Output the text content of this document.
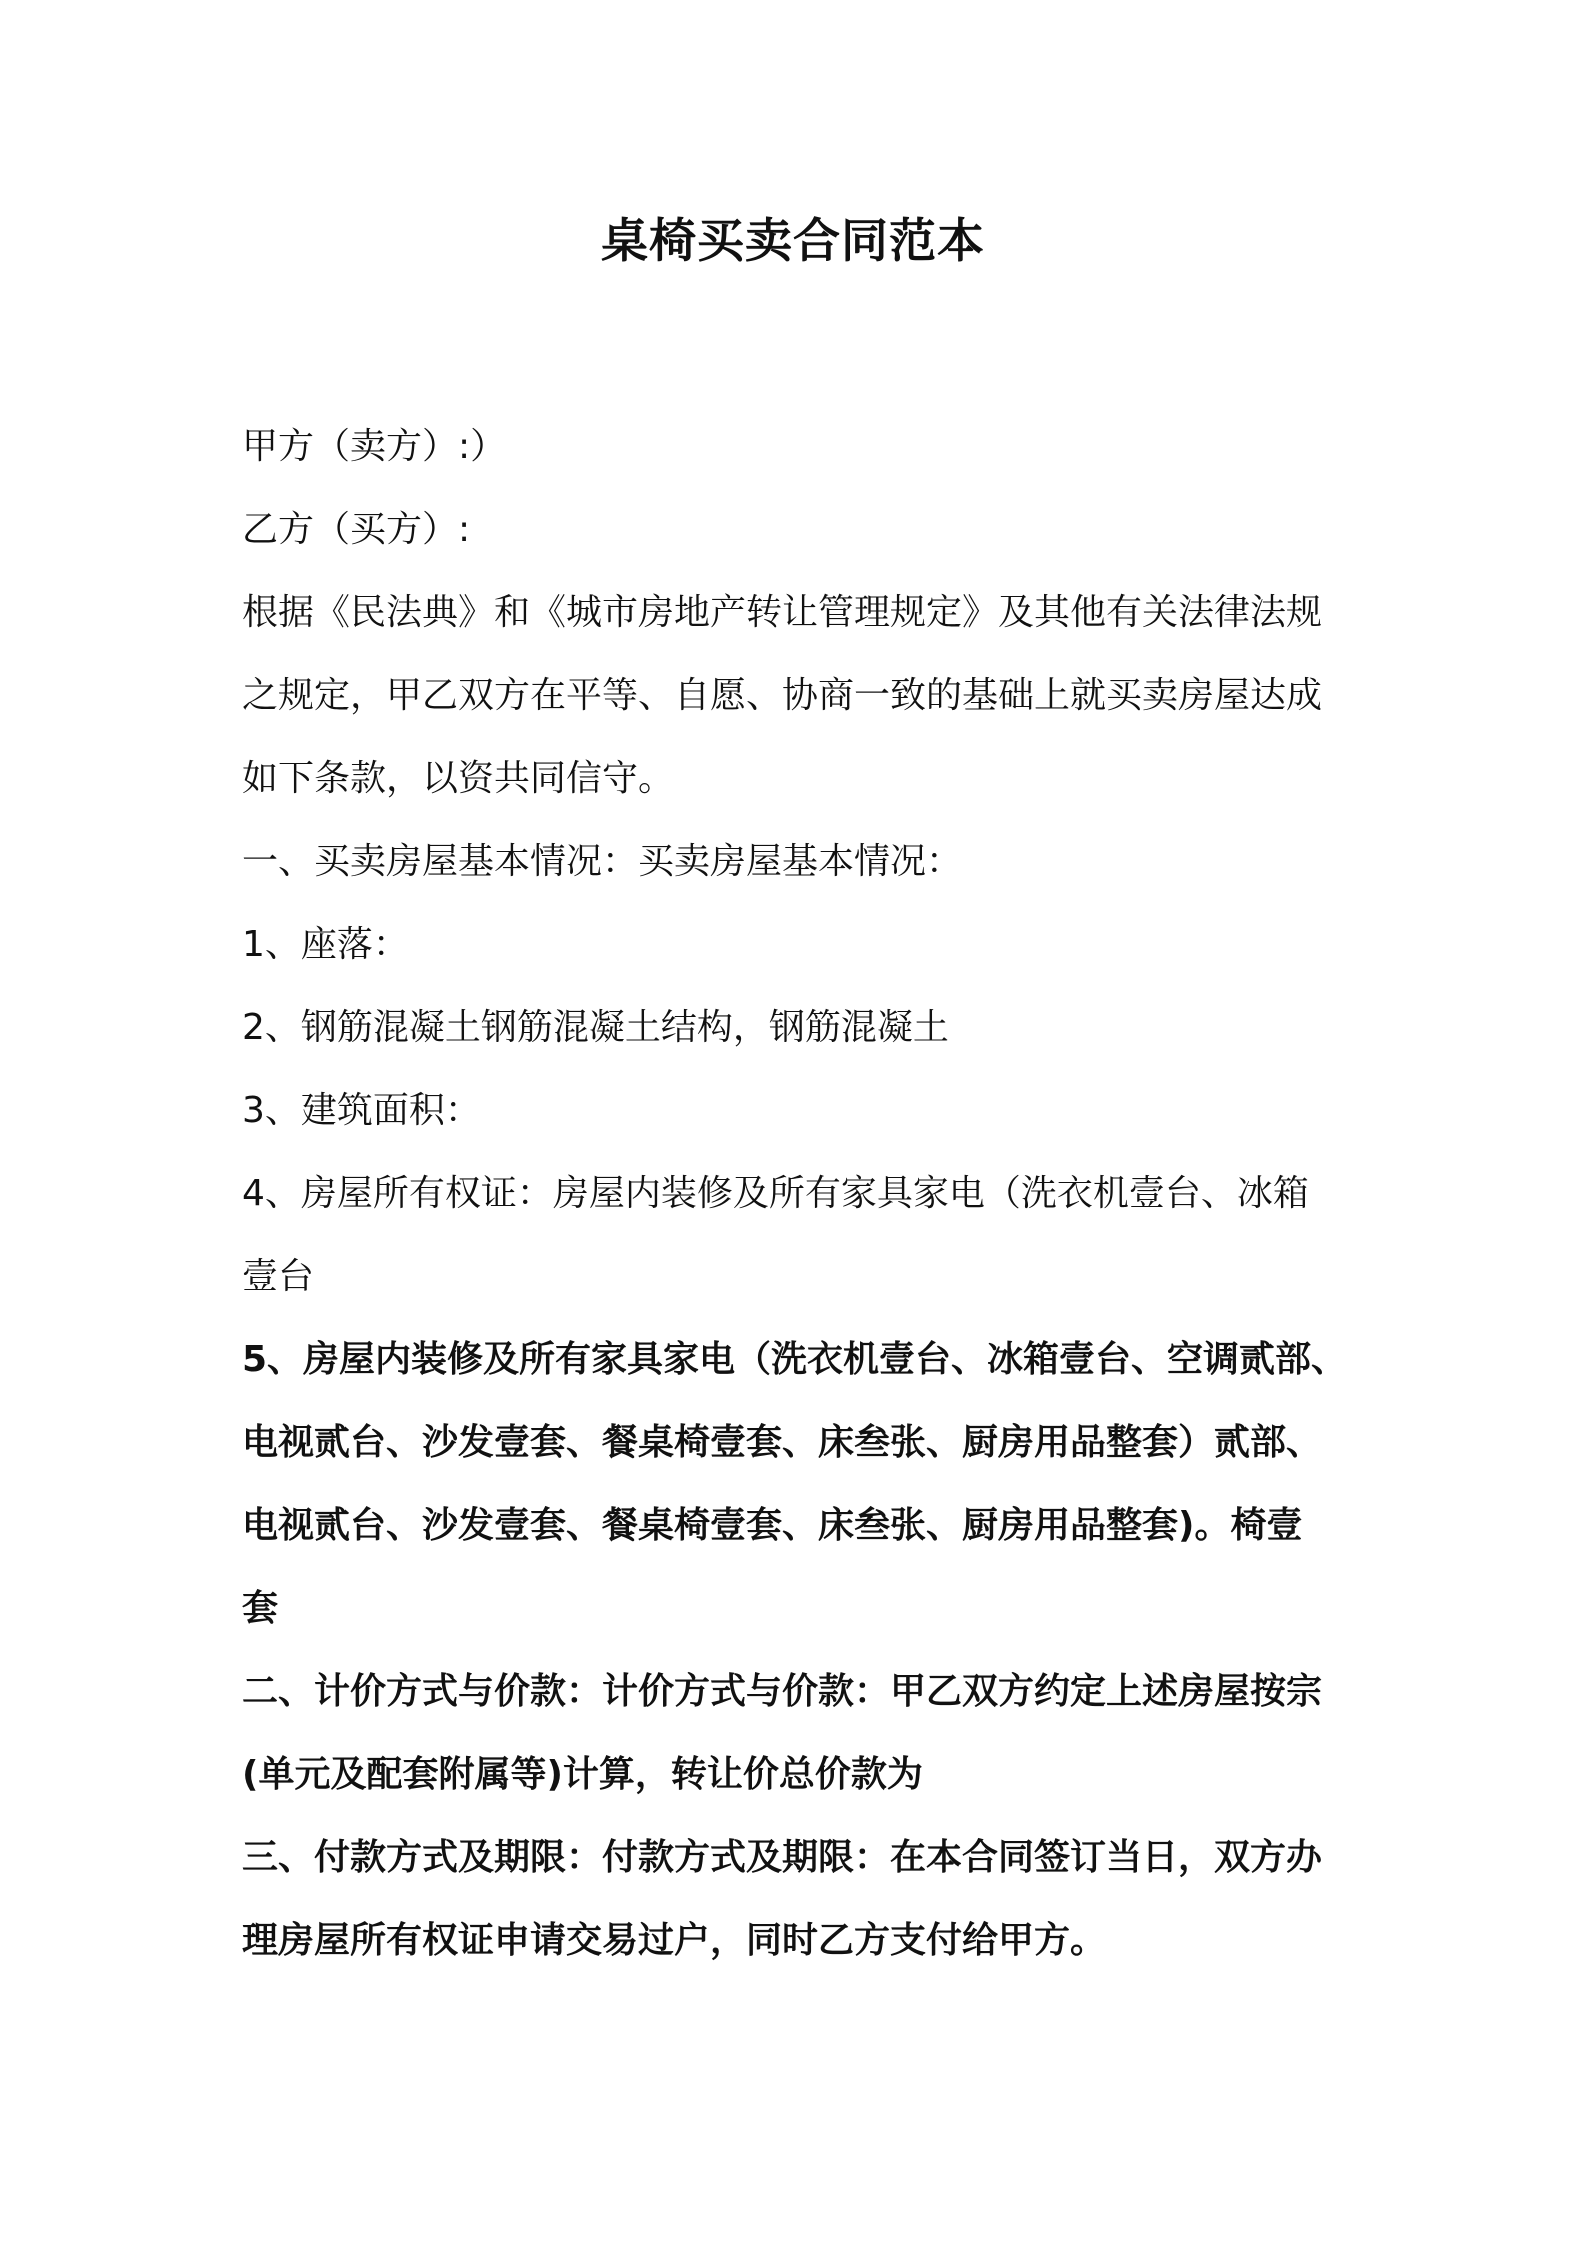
桌椅买卖合同范本

甲方（卖方）:）

乙方（买方）:

根据《民法典》和《城市房地产转让管理规定》及其他有关法律法规
之规定，甲乙双方在平等、自愿、协商一致的基础上就买卖房屋达成
如下条款，以资共同信守。

一、买卖房屋基本情况：买卖房屋基本情况：

1、座落：

2、钢筋混凝土钢筋混凝土结构，钢筋混凝土

3、建筑面积：

4、房屋所有权证：房屋内装修及所有家具家电（洗衣机壹台、冰箱
壹台

5、房屋内装修及所有家具家电（洗衣机壹台、冰箱壹台、空调贰部、
电视贰台、沙发壹套、餐桌椅壹套、床叁张、厨房用品整套）贰部、
电视贰台、沙发壹套、餐桌椅壹套、床叁张、厨房用品整套)。椅壹
套

二、计价方式与价款：计价方式与价款：甲乙双方约定上述房屋按宗
(单元及配套附属等)计算，转让价总价款为

三、付款方式及期限：付款方式及期限：在本合同签订当日，双方办
理房屋所有权证申请交易过户，同时乙方支付给甲方。
